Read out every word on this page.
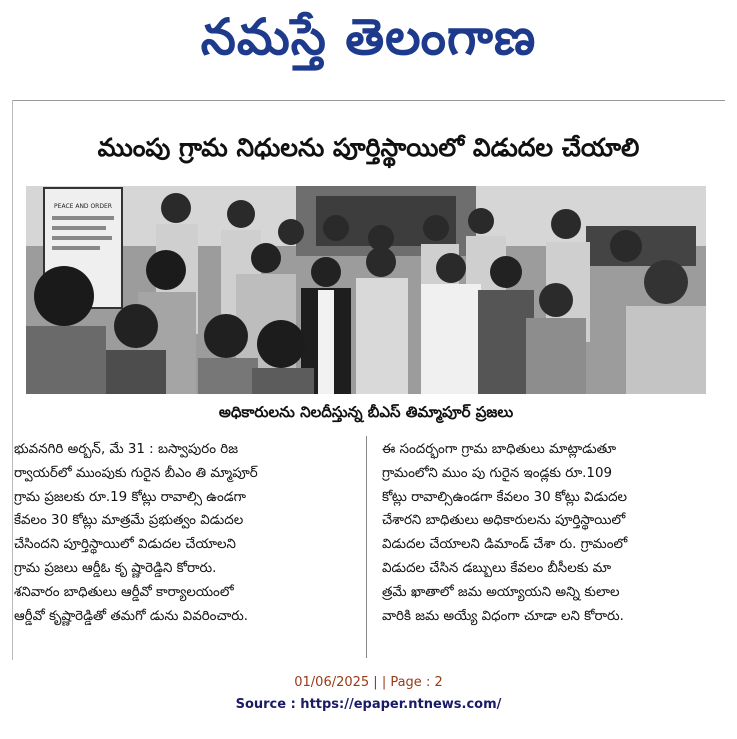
నమస్తే తెలంగాణ
ముంపు గ్రామ నిధులను పూర్తిస్థాయిలో విడుదల చేయాలి
PEACE AND ORDER
అధికారులను నిలదీస్తున్న బీఎస్ తిమ్మాపూర్ ప్రజలు
భువనగిరి అర్బన్, మే 31 : బస్వాపురం రిజ
ర్వాయర్‌లో ముంపుకు గురైన బీఎం తి మ్మాపూర్
గ్రామ ప్రజలకు రూ.19 కోట్లు రావాల్సి ఉండగా
కేవలం 30 కోట్లు మాత్రమే ప్రభుత్వం విడుదల
చేసిందని పూర్తిస్థాయిలో విడుదల చేయాలని
గ్రామ ప్రజలు ఆర్డీఓ కృ ష్ణారెడ్డిని కోరారు.
శనివారం బాధితులు ఆర్డీవో కార్యాలయంలో
ఆర్డీవో కృష్ణారెడ్డితో తమగో డును వివరించారు.
ఈ సందర్భంగా గ్రామ బాధితులు మాట్లాడుతూ
గ్రామంలోని ముం పు గురైన ఇండ్లకు రూ.109
కోట్లు రావాల్సిఉండగా కేవలం 30 కోట్లు విడుదల
చేశారని బాధితులు అధికారులను పూర్తిస్థాయిలో
విడుదల చేయాలని డిమాండ్ చేశా రు. గ్రామంలో
విడుదల చేసిన డబ్బులు కేవలం బీసీలకు మా
త్రమే ఖాతాలో జమ అయ్యాయని అన్ని కులాల
వారికి జమ అయ్యే విధంగా చూడా లని కోరారు.
01/06/2025 | | Page : 2
Source : https://epaper.ntnews.com/
